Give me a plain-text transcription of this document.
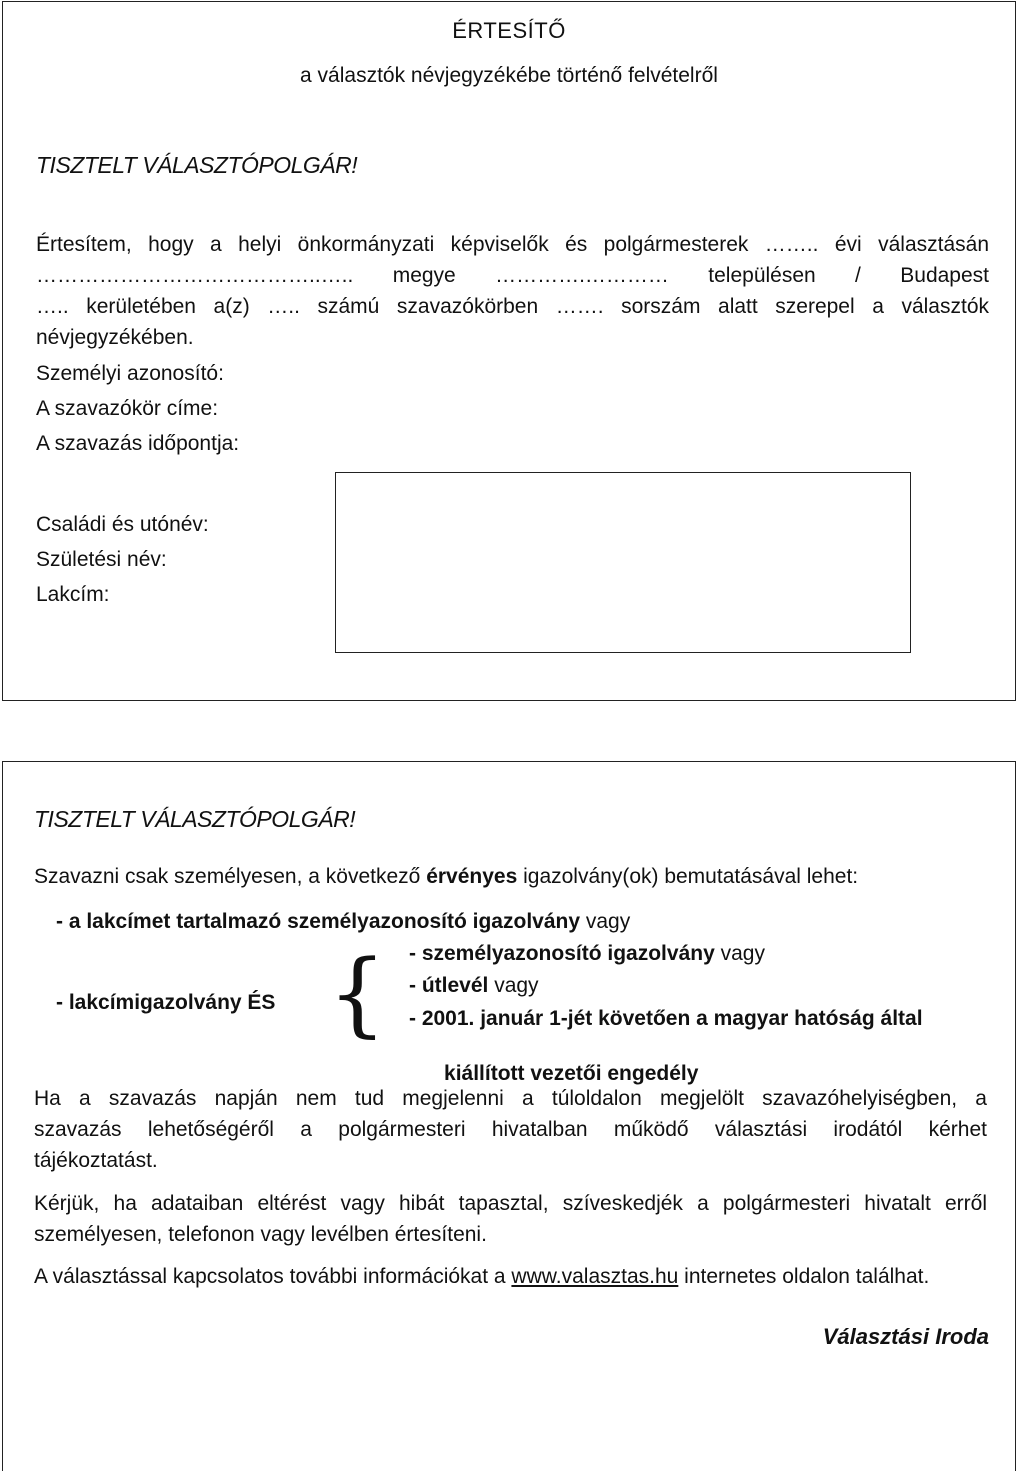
ÉRTESÍTŐ
a választók névjegyzékébe történő felvételről
TISZTELT VÁLASZTÓPOLGÁR!
Értesítem, hogy a helyi önkormányzati képviselők és polgármesterek …….. évi választásán
…………………………………..….. megye ………….………… településen / Budapest
….. kerületében a(z) ….. számú szavazókörben ……. sorszám alatt szerepel a választók
névjegyzékében.
Személyi azonosító:
A szavazókör címe:
A szavazás időpontja:
Családi és utónév:
Születési név:
Lakcím:
TISZTELT VÁLASZTÓPOLGÁR!
Szavazni csak személyesen, a következő érvényes igazolvány(ok) bemutatásával lehet:
- a lakcímet tartalmazó személyazonosító igazolvány vagy
- lakcímigazolvány ÉS { - személyazonosító igazolvány vagy
- útlevél vagy
- 2001. január 1-jét követően a magyar hatóság által

kiállított vezetői engedély

Ha a szavazás napján nem tud megjelenni a túloldalon megjelölt szavazóhelyiségben, a
szavazás lehetőségéről a polgármesteri hivatalban működő választási irodától kérhet
tájékoztatást.
Kérjük, ha adataiban eltérést vagy hibát tapasztal, szíveskedjék a polgármesteri hivatalt erről
személyesen, telefonon vagy levélben értesíteni.
A választással kapcsolatos további információkat a www.valasztas.hu internetes oldalon találhat.
Választási Iroda
